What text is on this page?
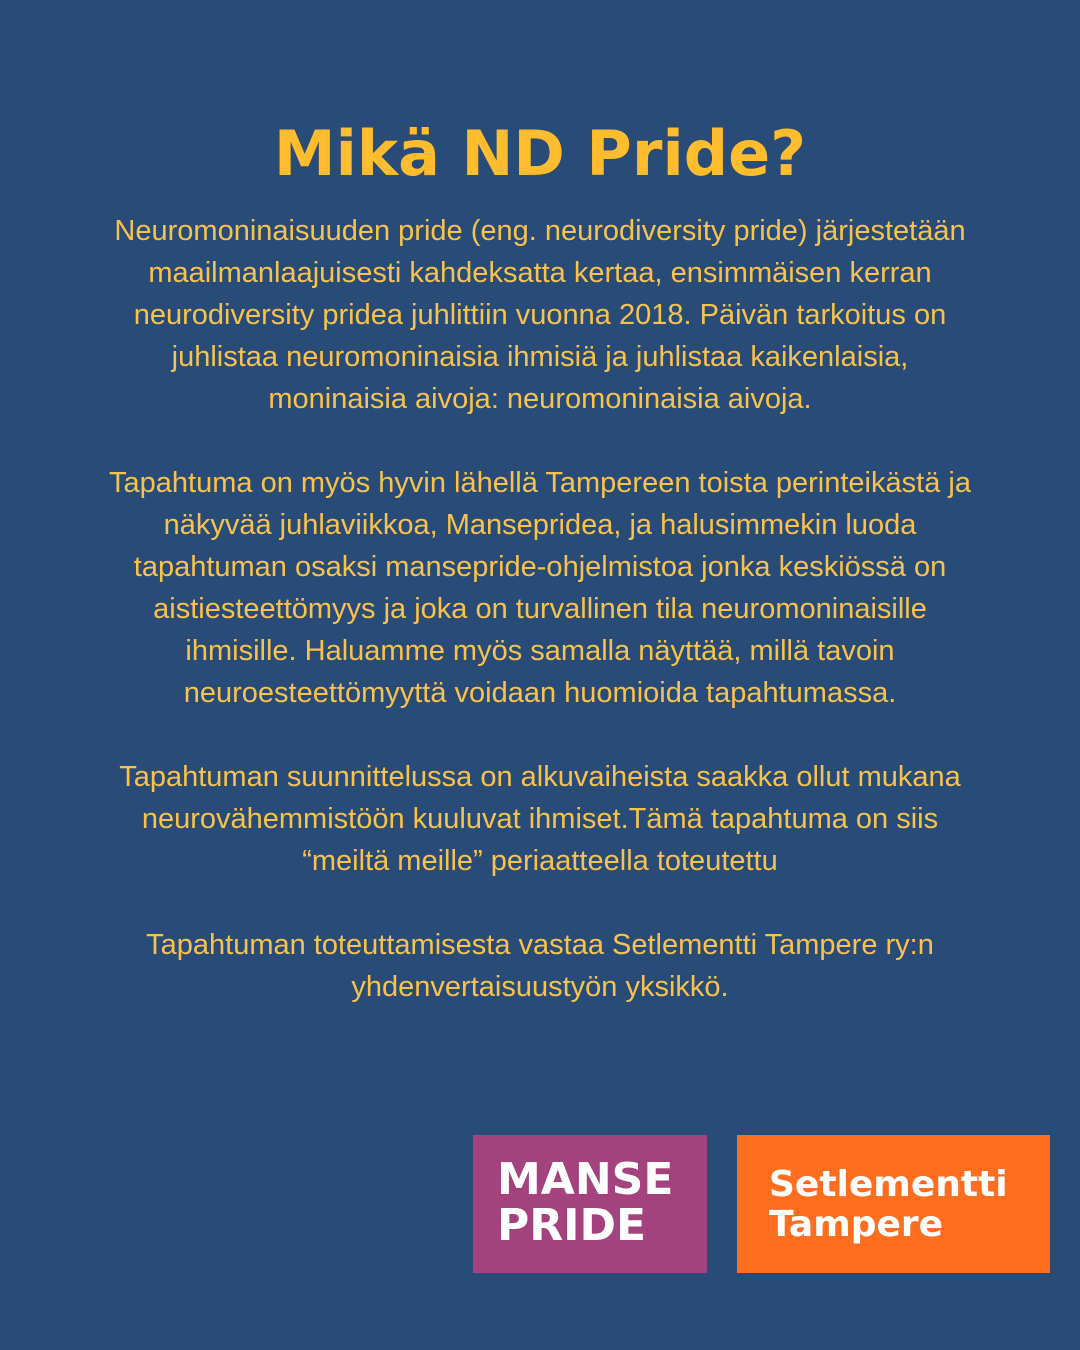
Mikä ND Pride?

Neuromoninaisuuden pride (eng. neurodiversity pride) järjestetään maailmanlaajuisesti kahdeksatta kertaa, ensimmäisen kerran neurodiversity pridea juhlittiin vuonna 2018. Päivän tarkoitus on juhlistaa neuromoninaisia ihmisiä ja juhlistaa kaikenlaisia, moninaisia aivoja: neuromoninaisia aivoja.

Tapahtuma on myös hyvin lähellä Tampereen toista perinteikästä ja näkyvää juhlaviikkoa, Mansepridea, ja halusimmekin luoda tapahtuman osaksi mansepride-ohjelmistoa jonka keskiössä on aistiesteettömyys ja joka on turvallinen tila neuromoninaisille ihmisille. Haluamme myös samalla näyttää, millä tavoin neuroesteettömyyttä voidaan huomioida tapahtumassa.

Tapahtuman suunnittelussa on alkuvaiheista saakka ollut mukana neurovähemmistöön kuuluvat ihmiset.Tämä tapahtuma on siis “meiltä meille” periaatteella toteutettu

Tapahtuman toteuttamisesta vastaa Setlementti Tampere ry:n yhdenvertaisuustyön yksikkö.

MANSE
PRIDE
Setlementti
Tampere
